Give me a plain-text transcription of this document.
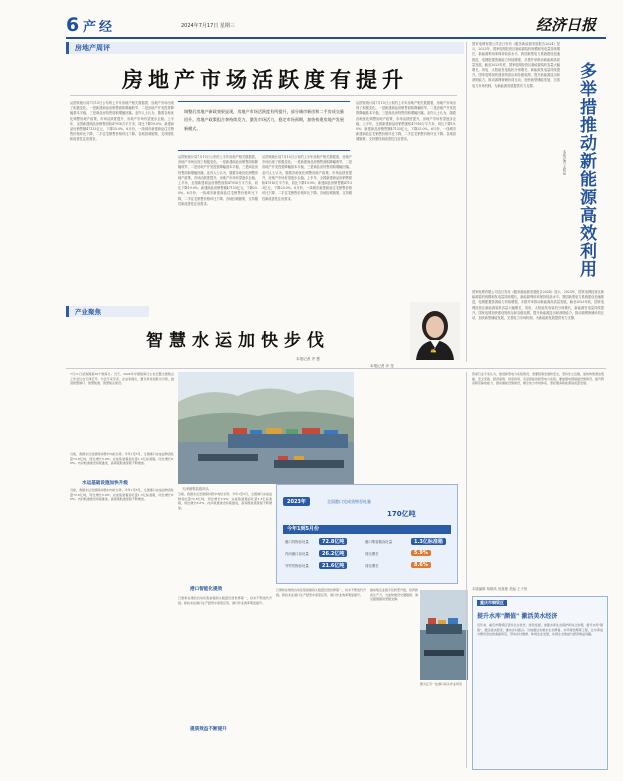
6 产经	2024年7月17日 星期三	经济日报
房地产周评
房地产市场活跃度有提升
从国家统计局7月15日公布的上半年房地产相关数据看，房地产市场出现了积极变化。一是新建商品房销售面积降幅收窄，二是房地产开发投资降幅基本平稳，三是商品房待售面积增幅回落。业内人士认为，随着各地优化调整房地产政策，市场活跃度提升，房地产市场有望逐步企稳。上半年，全国新建商品房销售面积47916万平方米，同比下降19.0%；新建商品房销售额47133亿元，下降25.0%。6月份，一线城市新建商品住宅销售价格环比下降，二手住宅销售价格环比下降。各地因城施策，支持刚性和改善性住房需求。
调整后房地产新政效果显现，房地产市场活跃度有所提升，部分城市新房和二手房成交量回升。房地产政策组合拳持续发力，激发市场活力，稳定市场预期，加快构建房地产发展新模式。
从国家统计局7月15日公布的上半年房地产相关数据看，房地产市场出现了积极变化。一是新建商品房销售面积降幅收窄，二是房地产开发投资降幅基本平稳，三是商品房待售面积增幅回落。业内人士认为，随着各地优化调整房地产政策，市场活跃度提升，房地产市场有望逐步企稳。上半年，全国新建商品房销售面积47916万平方米，同比下降19.0%；新建商品房销售额47133亿元，下降25.0%。6月份，一线城市新建商品住宅销售价格环比下降，二手住宅销售价格环比下降。各地因城施策，支持刚性和改善性住房需求。
从国家统计局7月15日公布的上半年房地产相关数据看，房地产市场出现了积极变化。一是新建商品房销售面积降幅收窄，二是房地产开发投资降幅基本平稳，三是商品房待售面积增幅回落。业内人士认为，随着各地优化调整房地产政策，市场活跃度提升，房地产市场有望逐步企稳。上半年，全国新建商品房销售面积47916万平方米，同比下降19.0%；新建商品房销售额47133亿元，下降25.0%。6月份，一线城市新建商品住宅销售价格环比下降，二手住宅销售价格环比下降。各地因城施策，支持刚性和改善性住房需求。
从国家统计局7月15日公布的上半年房地产相关数据看，房地产市场出现了积极变化。一是新建商品房销售面积降幅收窄，二是房地产开发投资降幅基本平稳，三是商品房待售面积增幅回落。业内人士认为，随着各地优化调整房地产政策，市场活跃度提升，房地产市场有望逐步企稳。上半年，全国新建商品房销售面积47916万平方米，同比下降19.0%；新建商品房销售额47133亿元，下降25.0%。6月份，一线城市新建商品住宅销售价格环比下降，二手住宅销售价格环比下降。各地因城施策，支持刚性和改善性住房需求。
✍
本报记者 乔 莹
国家电网有限公司近日发布《服务新能源发展报告2024》显示，2023年，国家电网经营区新能源装机规模和发电量持续增长，新能源利用率保持较高水平。我国新型电力系统建设加速推进，电网配置资源能力持续增强，多措并举推动新能源高质量发展。截至2023年底，国家电网经营区新能源装机容量大幅增长，风电、太阳能发电装机分别增长，新能源发电量持续提升。国家电网加快建设特高压和各级电网，提升新能源送出和消纳能力，推动源网荷储协同互动，加快新型储能发展，完善电力市场机制，为新能源发展提供有力支撑。	多举措推动新能源高效利用
本报记者 王轶辰
国家电网有限公司近日发布《服务新能源发展报告2024》显示，2023年，国家电网经营区新能源装机规模和发电量持续增长，新能源利用率保持较高水平。我国新型电力系统建设加速推进，电网配置资源能力持续增强，多措并举推动新能源高质量发展。截至2023年底，国家电网经营区新能源装机容量大幅增长，风电、太阳能发电装机分别增长，新能源发电量持续提升。国家电网加快建设特高压和各级电网，提升新能源送出和消纳能力，推动源网荷储协同互动，加快新型储能发展，完善电力市场机制，为新能源发展提供有力支撑。
产业聚焦
智慧水运加快步伐
本报记者 齐 慧
7月11日是我国第20个航海日。当天，2024年中国航海日主论坛暨全国航运工作会议在天津召开。与会专家学者、企业家提出，要以科技创新为引领，推进智慧港口、智慧航道、智慧航运建设。
水运基础设施加快升级
当前，我国水运发展保持稳中向好态势。今年1至5月，全国港口完成货物吞吐量72.8亿吨，同比增长5.9%；完成集装箱吞吐量1.3亿标准箱，同比增长8.6%。内河航道建设持续推进，高等级航道里程不断增加。
当前，我国水运发展保持稳中向好态势。今年1至5月，全国港口完成货物吞吐量72.8亿吨，同比增长5.9%；完成集装箱吞吐量1.3亿标准箱，同比增长8.6%。内河航道建设持续推进，高等级航道里程不断增加。
天津港集装箱码头
2023年	全国港口完成货物吞吐量
170亿吨
今年1到5月份
港口货物吞吐量	72.8亿吨	港口集装箱吞吐量	1.3亿标准箱
内河港口吞吐量	26.2亿吨	同比增长	5.9%
外贸货物吞吐量	21.6亿吨	同比增长	8.6%
当前，我国水运发展保持稳中向好态势。今年1至5月，全国港口完成货物吞吐量72.8亿吨，同比增长5.9%；完成集装箱吞吐量1.3亿标准箱，同比增长8.6%。内河航道建设持续推进，高等级航道里程不断增加。
港口智能化提效
已建和在建的自动化集装箱码头数量位居世界第一，技术不断迭代升级。新技术在港口生产经营中深度应用，港口作业效率明显提升。
已建和在建的自动化集装箱码头数量位居世界第一，技术不断迭代升级。新技术在港口生产经营中深度应用，港口作业效率明显提升。
提质效益不断提升
推动航运业数字化转型升级，培育新质生产力，为加快建设交通强国、海运强国提供坚强支撑。
图为江苏一处港口码头作业场景
资深行业专家认为，推进新型电力系统建设，需要统筹发展和安全，坚持先立后破，加快构建清洁低碳、安全充裕、经济高效、供需协同、灵活智能的新型电力系统。要加强电网基础设施建设，提升跨省跨区输电能力，推动储能设施建设，健全电力市场体系，更好服务新能源高质量发展。
本版编辑 杨晓凤 祝惠敏 美编 王子萱
重庆市铜梁区
提升水库"颜值" 激活美水经济
近年来，重庆市铜梁区坚持生态优先、绿色发展，加强水库生态保护和综合治理，提升水库"颜值"，激活美水经济，推动乡村振兴。当地通过实施水生态修复、水环境治理等工程，让水库成为群众身边的美丽风景，带动乡村旅游、休闲农业发展，实现生态效益与经济效益双赢。
